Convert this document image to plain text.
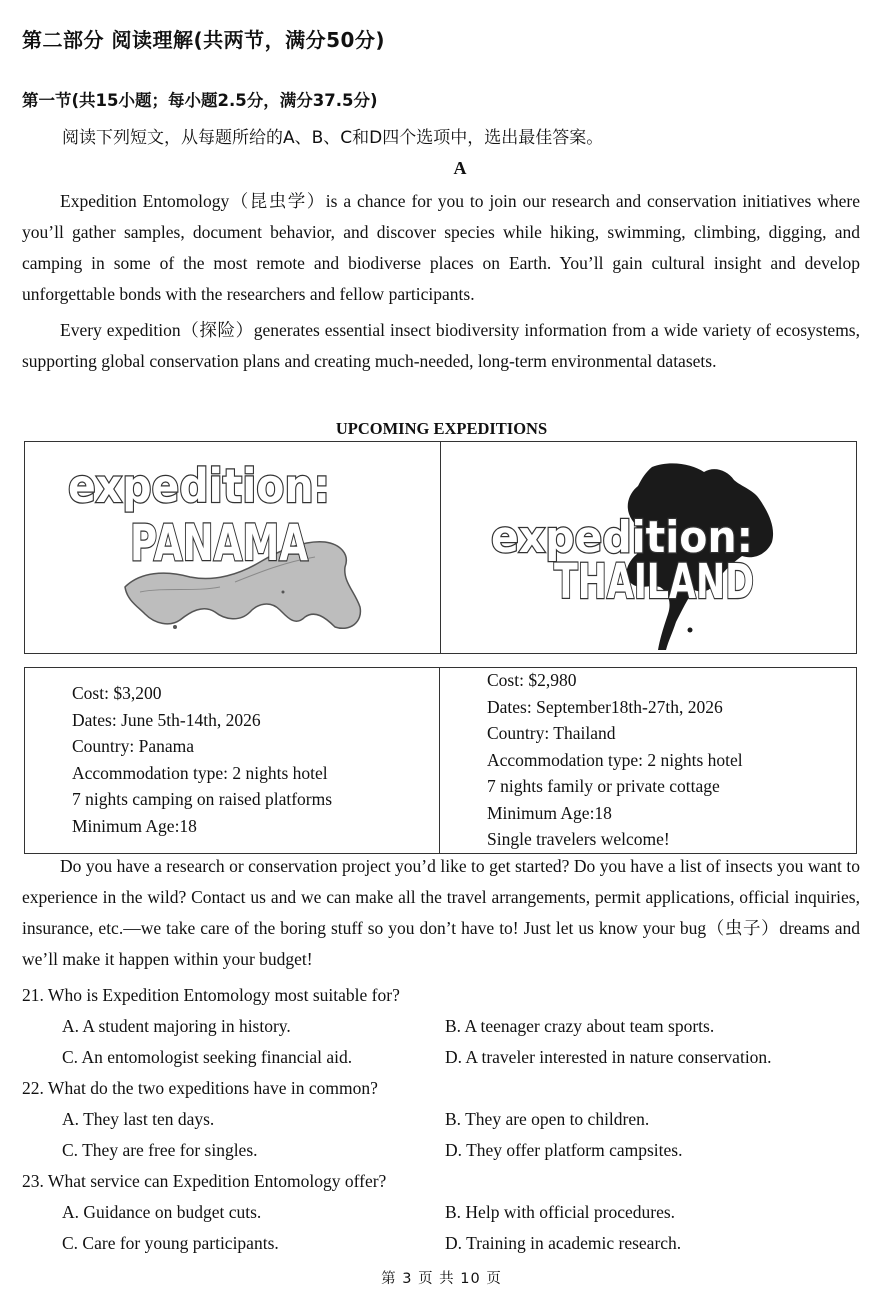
第二部分 阅读理解(共两节，满分50分)
第一节(共15小题；每小题2.5分，满分37.5分)
阅读下列短文，从每题所给的A、B、C和D四个选项中，选出最佳答案。
A
Expedition Entomology（昆虫学）is a chance for you to join our research and conservation initiatives where you’ll gather samples, document behavior, and discover species while hiking, swimming, climbing, digging, and camping in some of the most remote and biodiverse places on Earth. You’ll gain cultural insight and develop unforgettable bonds with the researchers and fellow participants.
Every expedition（探险）generates essential insect biodiversity information from a wide variety of ecosystems, supporting global conservation plans and creating much-needed, long-term environmental datasets.
UPCOMING EXPEDITIONS
expedition:
PANAMA	expedition:
THAILAND
Cost: $3,200
Dates: June 5th-14th, 2026
Country: Panama
Accommodation type: 2 nights hotel
7 nights camping on raised platforms
Minimum Age:18
Cost: $2,980
Dates: September18th-27th, 2026
Country: Thailand
Accommodation type: 2 nights hotel
7 nights family or private cottage
Minimum Age:18
Single travelers welcome!
Do you have a research or conservation project you’d like to get started? Do you have a list of insects you want to experience in the wild? Contact us and we can make all the travel arrangements, permit applications, official inquiries, insurance, etc.—we take care of the boring stuff so you don’t have to! Just let us know your bug（虫子）dreams and we’ll make it happen within your budget!
21. Who is Expedition Entomology most suitable for?
A. A student majoring in history.	B. A teenager crazy about team sports.
C. An entomologist seeking financial aid.	D. A traveler interested in nature conservation.
22. What do the two expeditions have in common?
A. They last ten days.	B. They are open to children.
C. They are free for singles.	D. They offer platform campsites.
23. What service can Expedition Entomology offer?
A. Guidance on budget cuts.	B. Help with official procedures.
C. Care for young participants.	D. Training in academic research.
第 3 页 共 10 页
